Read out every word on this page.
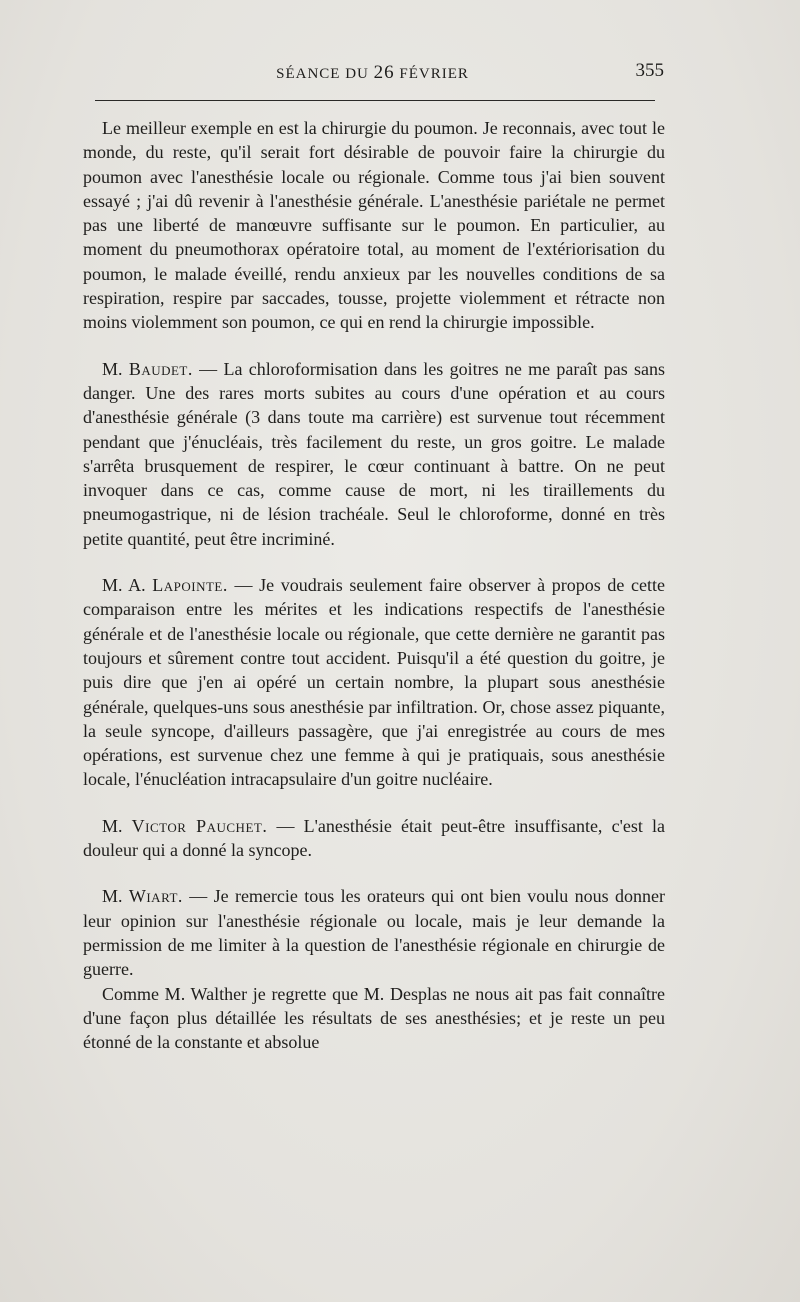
SÉANCE DU 26 FÉVRIER	355

Le meilleur exemple en est la chirurgie du poumon. Je reconnais, avec tout le monde, du reste, qu'il serait fort désirable de pouvoir faire la chirurgie du poumon avec l'anesthésie locale ou régionale. Comme tous j'ai bien souvent essayé ; j'ai dû revenir à l'anesthésie générale. L'anesthésie pariétale ne permet pas une liberté de manœuvre suffisante sur le poumon. En particulier, au moment du pneumothorax opératoire total, au moment de l'extériorisation du poumon, le malade éveillé, rendu anxieux par les nouvelles conditions de sa respiration, respire par saccades, tousse, projette violemment et rétracte non moins violemment son poumon, ce qui en rend la chirurgie impossible.

M. Baudet. — La chloroformisation dans les goitres ne me paraît pas sans danger. Une des rares morts subites au cours d'une opération et au cours d'anesthésie générale (3 dans toute ma carrière) est survenue tout récemment pendant que j'énucléais, très facilement du reste, un gros goitre. Le malade s'arrêta brusquement de respirer, le cœur continuant à battre. On ne peut invoquer dans ce cas, comme cause de mort, ni les tiraillements du pneumogastrique, ni de lésion trachéale. Seul le chloroforme, donné en très petite quantité, peut être incriminé.

M. A. Lapointe. — Je voudrais seulement faire observer à propos de cette comparaison entre les mérites et les indications respectifs de l'anesthésie générale et de l'anesthésie locale ou régionale, que cette dernière ne garantit pas toujours et sûrement contre tout accident. Puisqu'il a été question du goitre, je puis dire que j'en ai opéré un certain nombre, la plupart sous anesthésie générale, quelques-uns sous anesthésie par infiltration. Or, chose assez piquante, la seule syncope, d'ailleurs passagère, que j'ai enregistrée au cours de mes opérations, est survenue chez une femme à qui je pratiquais, sous anesthésie locale, l'énucléation intracapsulaire d'un goitre nucléaire.

M. Victor Pauchet. — L'anesthésie était peut-être insuffisante, c'est la douleur qui a donné la syncope.

M. Wiart. — Je remercie tous les orateurs qui ont bien voulu nous donner leur opinion sur l'anesthésie régionale ou locale, mais je leur demande la permission de me limiter à la question de l'anesthésie régionale en chirurgie de guerre.

Comme M. Walther je regrette que M. Desplas ne nous ait pas fait connaître d'une façon plus détaillée les résultats de ses anesthésies; et je reste un peu étonné de la constante et absolue
